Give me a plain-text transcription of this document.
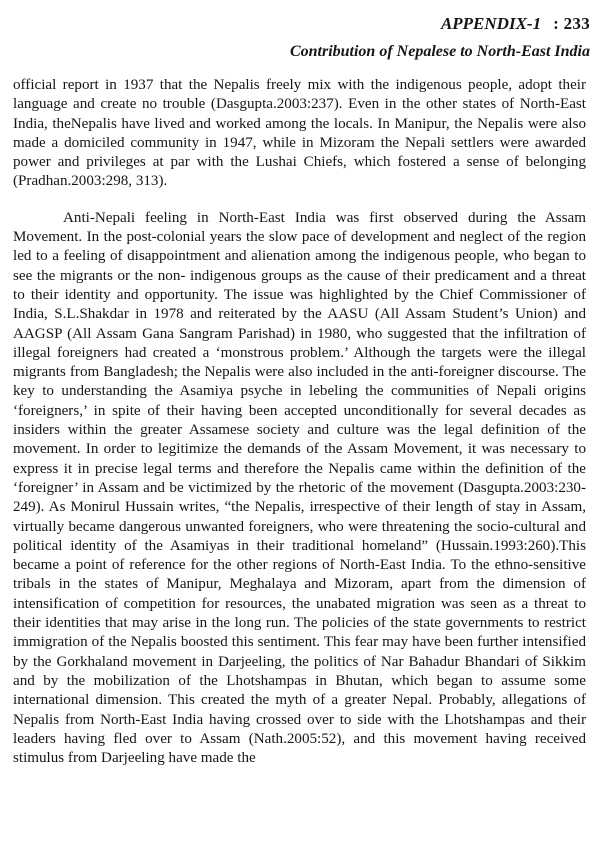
APPENDIX-1 : 233
Contribution of Nepalese to North-East India

official report in 1937 that the Nepalis freely mix with the indigenous people, adopt their language and create no trouble (Dasgupta.2003:237). Even in the other states of North-East India, theNepalis have lived and worked among the locals. In Manipur, the Nepalis were also made a domiciled community in 1947, while in Mizoram the Nepali settlers were awarded power and privileges at par with the Lushai Chiefs, which fostered a sense of belonging (Pradhan.2003:298, 313).

Anti-Nepali feeling in North-East India was first observed during the Assam Movement. In the post-colonial years the slow pace of development and neglect of the region led to a feeling of disappointment and alienation among the indigenous people, who began to see the migrants or the non- indigenous groups as the cause of their predicament and a threat to their identity and opportunity. The issue was highlighted by the Chief Commissioner of India, S.L.Shakdar in 1978 and reiterated by the AASU (All Assam Student’s Union) and AAGSP (All Assam Gana Sangram Parishad) in 1980, who suggested that the infiltration of illegal foreigners had created a ‘monstrous problem.’ Although the targets were the illegal migrants from Bangladesh; the Nepalis were also included in the anti-foreigner discourse. The key to understanding the Asamiya psyche in lebeling the communities of Nepali origins ‘foreigners,’ in spite of their having been accepted unconditionally for several decades as insiders within the greater Assamese society and culture was the legal definition of the movement. In order to legitimize the demands of the Assam Movement, it was necessary to express it in precise legal terms and therefore the Nepalis came within the definition of the ‘foreigner’ in Assam and be victimized by the rhetoric of the movement (Dasgupta.2003:230-249). As Monirul Hussain writes, “the Nepalis, irrespective of their length of stay in Assam, virtually became dangerous unwanted foreigners, who were threatening the socio-cultural and political identity of the Asamiyas in their traditional homeland” (Hussain.1993:260).This became a point of reference for the other regions of North-East India. To the ethno-sensitive tribals in the states of Manipur, Meghalaya and Mizoram, apart from the dimension of intensification of competition for resources, the unabated migration was seen as a threat to their identities that may arise in the long run. The policies of the state governments to restrict immigration of the Nepalis boosted this sentiment. This fear may have been further intensified by the Gorkhaland movement in Darjeeling, the politics of Nar Bahadur Bhandari of Sikkim and by the mobilization of the Lhotshampas in Bhutan, which began to assume some international dimension. This created the myth of a greater Nepal. Probably, allegations of Nepalis from North-East India having crossed over to side with the Lhotshampas and their leaders having fled over to Assam (Nath.2005:52), and this movement having received stimulus from Darjeeling have made the
